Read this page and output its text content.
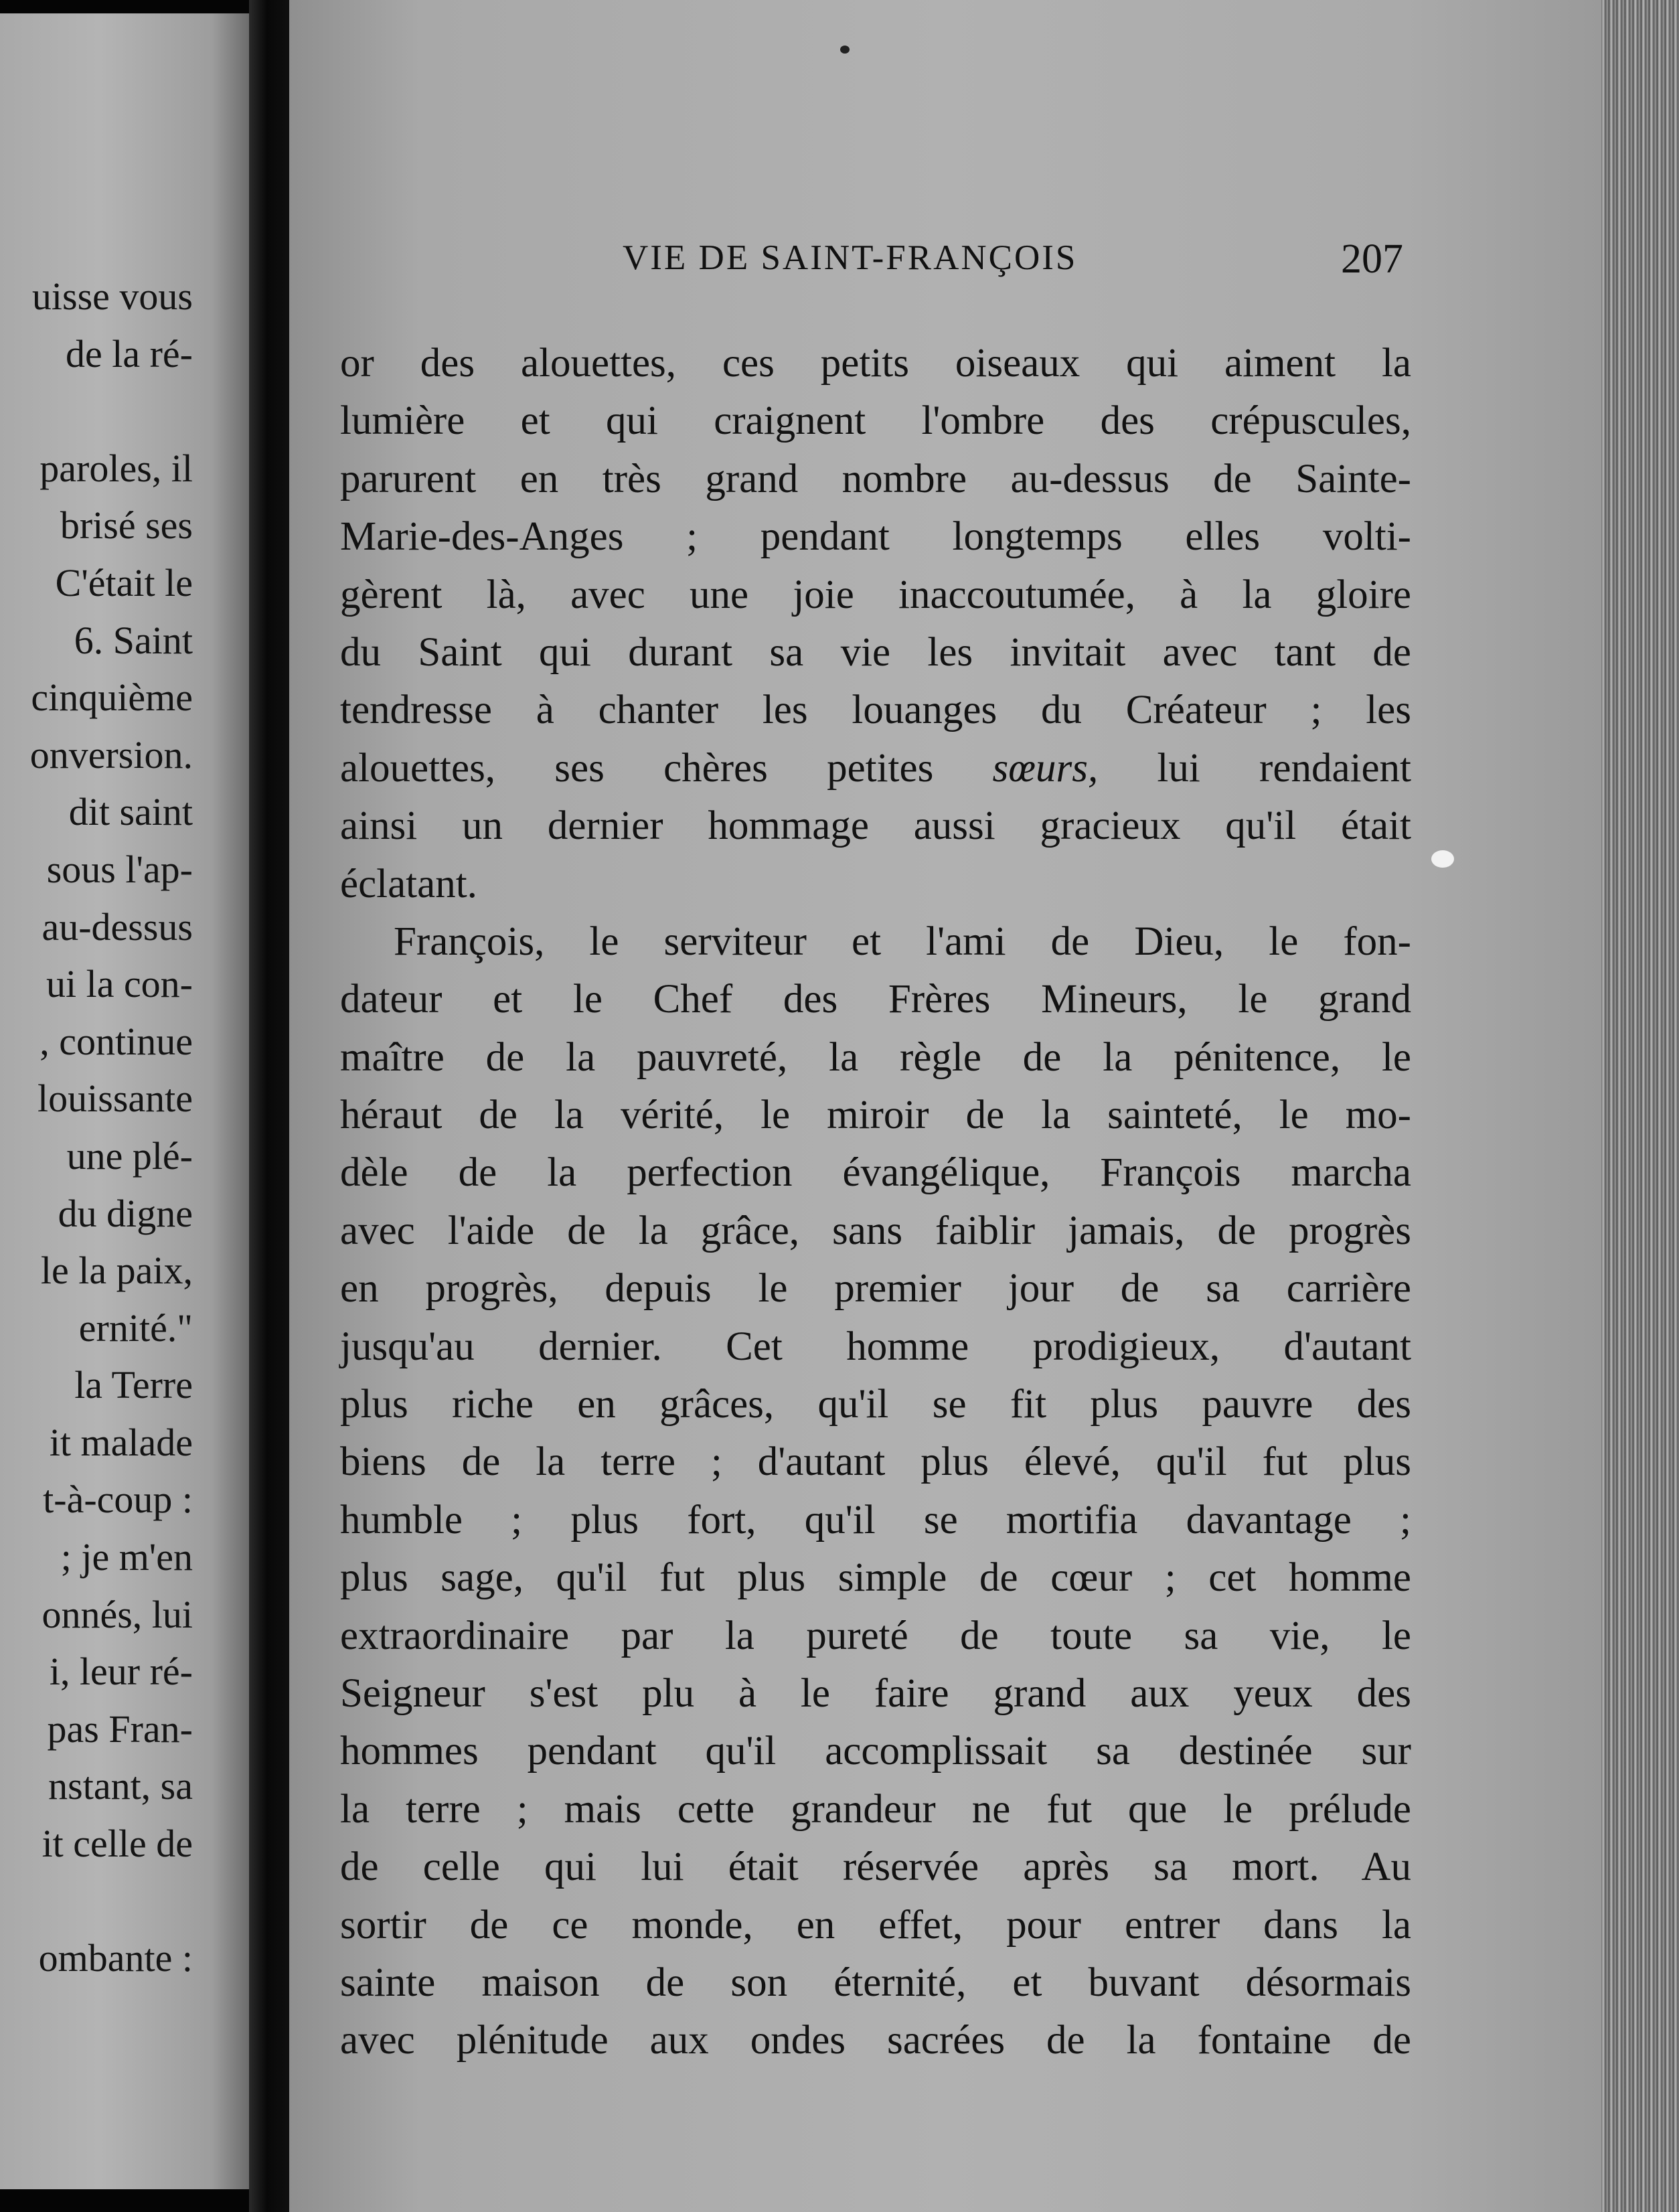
uisse vous
de la ré-
paroles, il
brisé ses
C'était le
6. Saint
cinquième
onversion.
dit saint
sous l'ap-
au-dessus
ui la con-
, continue
louissante
une plé-
du digne
le la paix,
ernité."
la Terre
it malade
t-à-coup :
; je m'en
onnés, lui
i, leur ré-
pas Fran-
nstant, sa
it celle de
ombante :
VIE DE SAINT-FRANÇOIS	207
or des alouettes, ces petits oiseaux qui aiment la
lumière et qui craignent l'ombre des crépuscules,
parurent en très grand nombre au-dessus de Sainte-
Marie-des-Anges ; pendant longtemps elles volti-
gèrent là, avec une joie inaccoutumée, à la gloire
du Saint qui durant sa vie les invitait avec tant de
tendresse à chanter les louanges du Créateur ; les
alouettes, ses chères petites sœurs, lui rendaient
ainsi un dernier hommage aussi gracieux qu'il était
éclatant.
François, le serviteur et l'ami de Dieu, le fon-
dateur et le Chef des Frères Mineurs, le grand
maître de la pauvreté, la règle de la pénitence, le
héraut de la vérité, le miroir de la sainteté, le mo-
dèle de la perfection évangélique, François marcha
avec l'aide de la grâce, sans faiblir jamais, de progrès
en progrès, depuis le premier jour de sa carrière
jusqu'au dernier. Cet homme prodigieux, d'autant
plus riche en grâces, qu'il se fit plus pauvre des
biens de la terre ; d'autant plus élevé, qu'il fut plus
humble ; plus fort, qu'il se mortifia davantage ;
plus sage, qu'il fut plus simple de cœur ; cet homme
extraordinaire par la pureté de toute sa vie, le
Seigneur s'est plu à le faire grand aux yeux des
hommes pendant qu'il accomplissait sa destinée sur
la terre ; mais cette grandeur ne fut que le prélude
de celle qui lui était réservée après sa mort. Au
sortir de ce monde, en effet, pour entrer dans la
sainte maison de son éternité, et buvant désormais
avec plénitude aux ondes sacrées de la fontaine de
